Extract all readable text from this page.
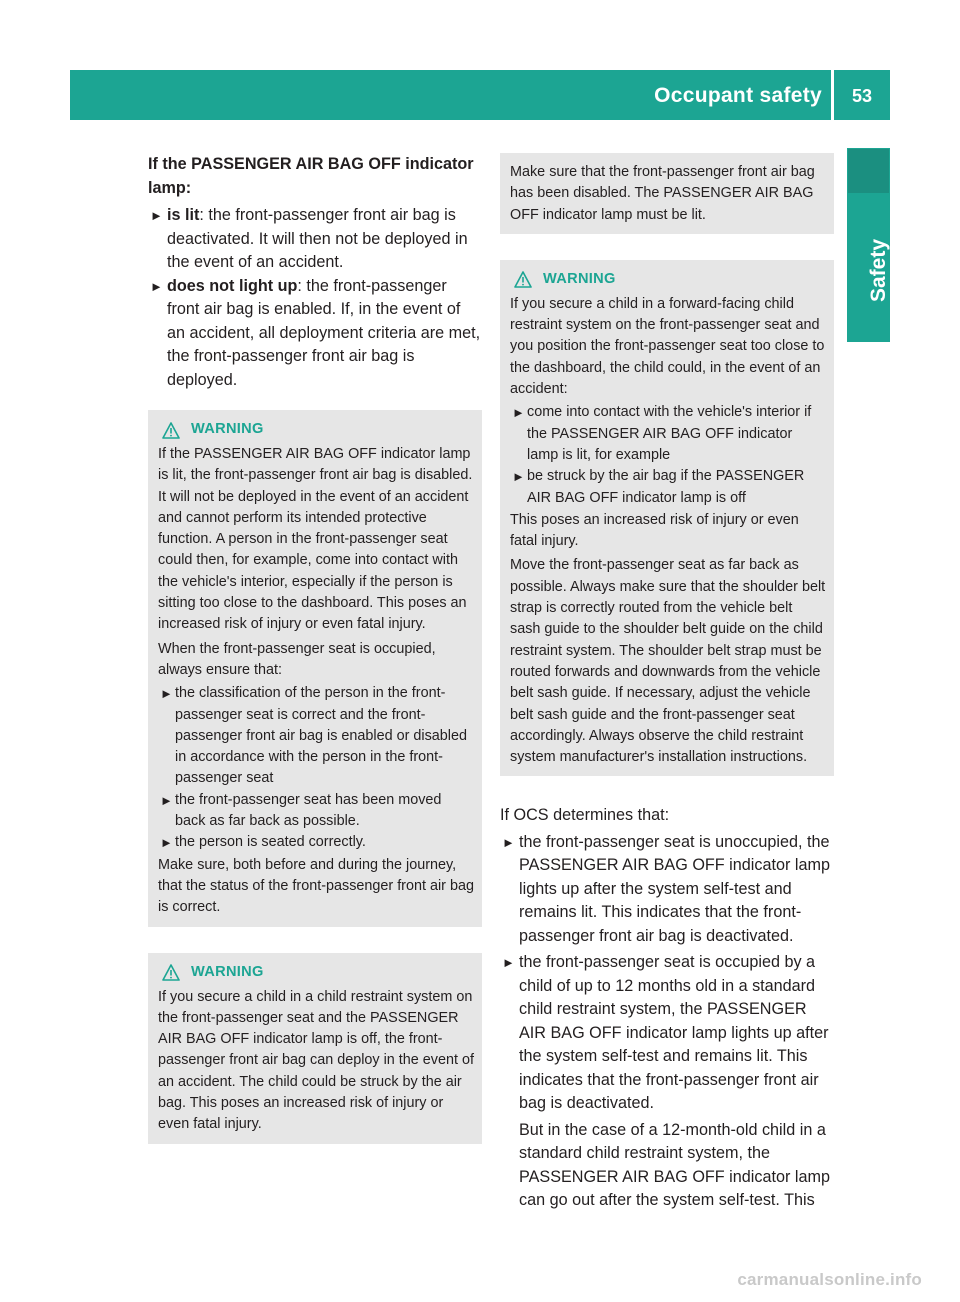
Occupant safety	53
Safety

If the PASSENGER AIR BAG OFF indicator
lamp:

► is lit: the front-passenger front air bag is deactivated. It will then not be deployed in the event of an accident.
► does not light up: the front-passenger front air bag is enabled. If, in the event of an accident, all deployment criteria are met, the front-passenger front air bag is deployed.
WARNING

If the PASSENGER AIR BAG OFF indicator lamp is lit, the front-passenger front air bag is disabled. It will not be deployed in the event of an accident and cannot perform its intended protective function. A person in the front-passenger seat could then, for example, come into contact with the vehicle's interior, especially if the person is sitting too close to the dashboard. This poses an increased risk of injury or even fatal injury.

When the front-passenger seat is occupied, always ensure that:

► the classification of the person in the front-passenger seat is correct and the front-passenger front air bag is enabled or disabled in accordance with the person in the front-passenger seat
► the front-passenger seat has been moved back as far back as possible.
► the person is seated correctly.

Make sure, both before and during the journey, that the status of the front-passenger front air bag is correct.

WARNING

If you secure a child in a child restraint system on the front-passenger seat and the PASSENGER AIR BAG OFF indicator lamp is off, the front-passenger front air bag can deploy in the event of an accident. The child could be struck by the air bag. This poses an increased risk of injury or even fatal injury.

Make sure that the front-passenger front air bag has been disabled. The PASSENGER AIR BAG OFF indicator lamp must be lit.

WARNING

If you secure a child in a forward-facing child restraint system on the front-passenger seat and you position the front-passenger seat too close to the dashboard, the child could, in the event of an accident:

► come into contact with the vehicle's interior if the PASSENGER AIR BAG OFF indicator lamp is lit, for example
► be struck by the air bag if the PASSENGER AIR BAG OFF indicator lamp is off

This poses an increased risk of injury or even fatal injury.

Move the front-passenger seat as far back as possible. Always make sure that the shoulder belt strap is correctly routed from the vehicle belt sash guide to the shoulder belt guide on the child restraint system. The shoulder belt strap must be routed forwards and downwards from the vehicle belt sash guide. If necessary, adjust the vehicle belt sash guide and the front-passenger seat accordingly. Always observe the child restraint system manufacturer's installation instructions.

If OCS determines that:

► the front-passenger seat is unoccupied, the PASSENGER AIR BAG OFF indicator lamp lights up after the system self-test and remains lit. This indicates that the front-passenger front air bag is deactivated.
► the front-passenger seat is occupied by a child of up to 12 months old in a standard child restraint system, the PASSENGER AIR BAG OFF indicator lamp lights up after the system self-test and remains lit. This indicates that the front-passenger front air bag is deactivated.

But in the case of a 12-month-old child in a standard child restraint system, the PASSENGER AIR BAG OFF indicator lamp can go out after the system self-test. This

carmanualsonline.info
